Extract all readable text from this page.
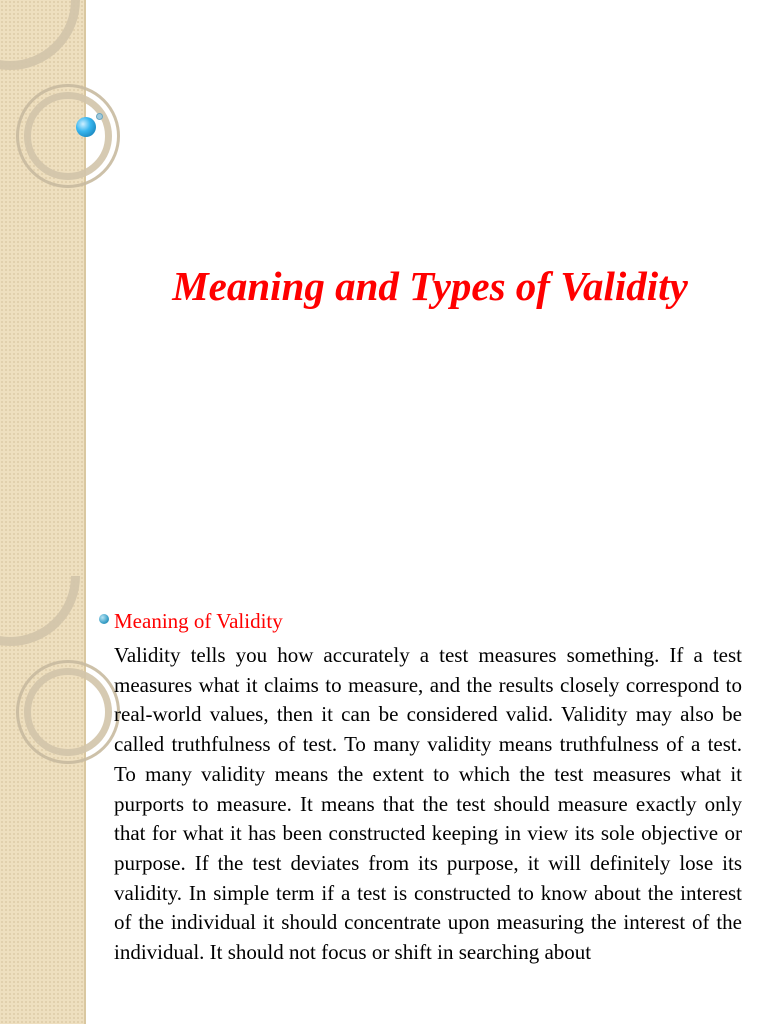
Meaning and Types of Validity
Meaning of Validity

Validity tells you how accurately a test measures something. If a test measures what it claims to measure, and the results closely correspond to real-world values, then it can be considered valid. Validity may also be called truthfulness of test. To many validity means truthfulness of a test. To many validity means the extent to which the test measures what it purports to measure. It means that the test should measure exactly only that for what it has been constructed keeping in view its sole objective or purpose. If the test deviates from its purpose, it will definitely lose its validity. In simple term if a test is constructed to know about the interest of the individual it should concentrate upon measuring the interest of the individual. It should not focus or shift in searching about
